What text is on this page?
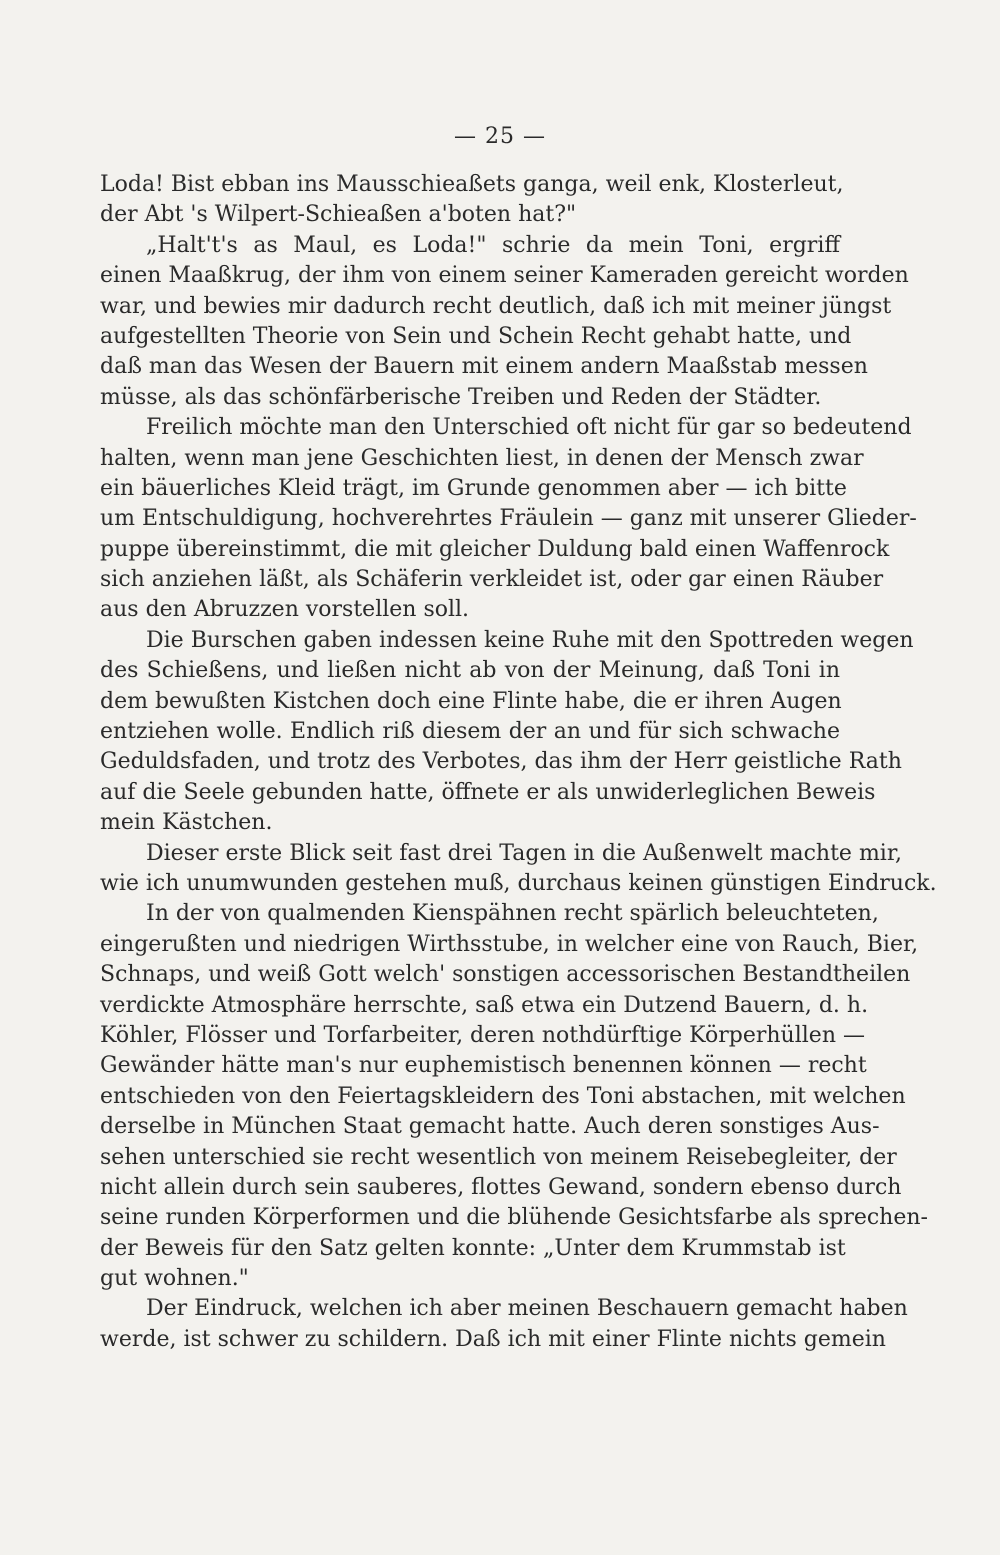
— 25 —
Loda! Bist ebban ins Mausschieaßets ganga, weil enk, Klosterleut,
der Abt 's Wilpert-Schieaßen a'boten hat?"
„Halt't's as Maul, es Loda!" schrie da mein Toni, ergriff
einen Maaßkrug, der ihm von einem seiner Kameraden gereicht worden
war, und bewies mir dadurch recht deutlich, daß ich mit meiner jüngst
aufgestellten Theorie von Sein und Schein Recht gehabt hatte, und
daß man das Wesen der Bauern mit einem andern Maaßstab messen
müsse, als das schönfärberische Treiben und Reden der Städter.
Freilich möchte man den Unterschied oft nicht für gar so bedeutend
halten, wenn man jene Geschichten liest, in denen der Mensch zwar
ein bäuerliches Kleid trägt, im Grunde genommen aber — ich bitte
um Entschuldigung, hochverehrtes Fräulein — ganz mit unserer Glieder-
puppe übereinstimmt, die mit gleicher Duldung bald einen Waffenrock
sich anziehen läßt, als Schäferin verkleidet ist, oder gar einen Räuber
aus den Abruzzen vorstellen soll.
Die Burschen gaben indessen keine Ruhe mit den Spottreden wegen
des Schießens, und ließen nicht ab von der Meinung, daß Toni in
dem bewußten Kistchen doch eine Flinte habe, die er ihren Augen
entziehen wolle. Endlich riß diesem der an und für sich schwache
Geduldsfaden, und trotz des Verbotes, das ihm der Herr geistliche Rath
auf die Seele gebunden hatte, öffnete er als unwiderleglichen Beweis
mein Kästchen.
Dieser erste Blick seit fast drei Tagen in die Außenwelt machte mir,
wie ich unumwunden gestehen muß, durchaus keinen günstigen Eindruck.
In der von qualmenden Kienspähnen recht spärlich beleuchteten,
eingerußten und niedrigen Wirthsstube, in welcher eine von Rauch, Bier,
Schnaps, und weiß Gott welch' sonstigen accessorischen Bestandtheilen
verdickte Atmosphäre herrschte, saß etwa ein Dutzend Bauern, d. h.
Köhler, Flösser und Torfarbeiter, deren nothdürftige Körperhüllen —
Gewänder hätte man's nur euphemistisch benennen können — recht
entschieden von den Feiertagskleidern des Toni abstachen, mit welchen
derselbe in München Staat gemacht hatte. Auch deren sonstiges Aus-
sehen unterschied sie recht wesentlich von meinem Reisebegleiter, der
nicht allein durch sein sauberes, flottes Gewand, sondern ebenso durch
seine runden Körperformen und die blühende Gesichtsfarbe als sprechen-
der Beweis für den Satz gelten konnte: „Unter dem Krummstab ist
gut wohnen."
Der Eindruck, welchen ich aber meinen Beschauern gemacht haben
werde, ist schwer zu schildern. Daß ich mit einer Flinte nichts gemein
